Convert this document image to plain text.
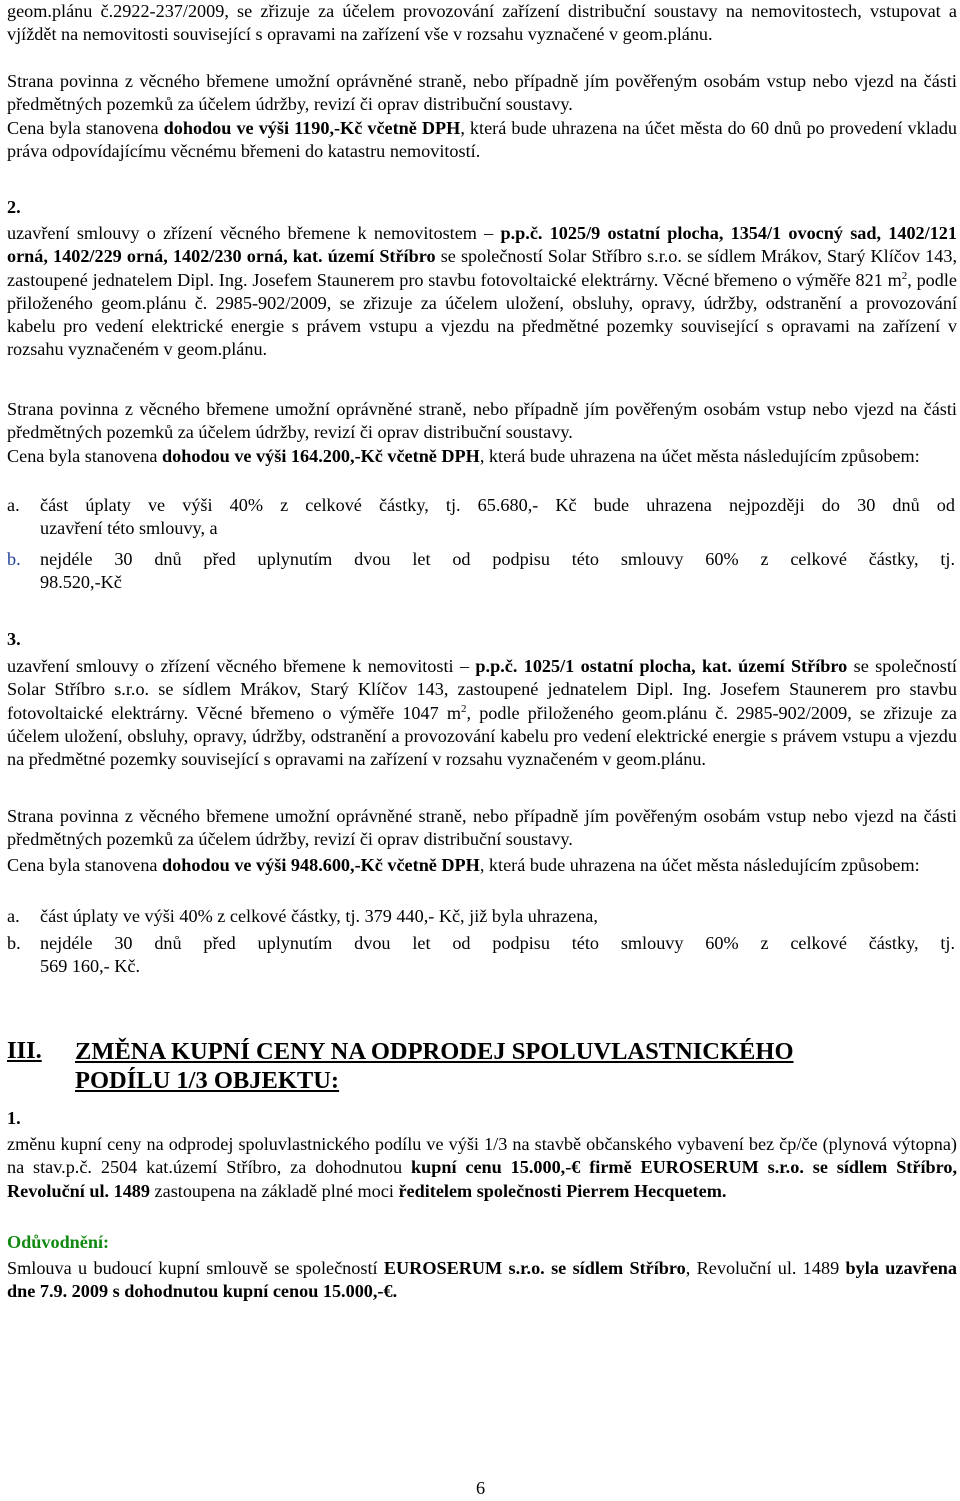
geom.plánu č.2922-237/2009, se zřizuje za účelem provozování zařízení distribuční soustavy na nemovitostech, vstupovat a vjíždět na nemovitosti související s opravami na zařízení vše v rozsahu vyznačené v geom.plánu.

Strana povinna z věcného břemene umožní oprávněné straně, nebo případně jím pověřeným osobám vstup nebo vjezd na části předmětných pozemků za účelem údržby, revizí či oprav distribuční soustavy.

Cena byla stanovena dohodou ve výši 1190,-Kč včetně DPH, která bude uhrazena na účet města do 60 dnů po provedení vkladu práva odpovídajícímu věcnému břemeni do katastru nemovitostí.

2.

uzavření smlouvy o zřízení věcného břemene k nemovitostem – p.p.č. 1025/9 ostatní plocha, 1354/1 ovocný sad, 1402/121 orná, 1402/229 orná, 1402/230 orná, kat. území Stříbro se společností Solar Stříbro s.r.o. se sídlem Mrákov, Starý Klíčov 143, zastoupené jednatelem Dipl. Ing. Josefem Staunerem pro stavbu fotovoltaické elektrárny. Věcné břemeno o výměře 821 $m^2$, podle přiloženého geom.plánu č. 2985-902/2009, se zřizuje za účelem uložení, obsluhy, opravy, údržby, odstranění a provozování kabelu pro vedení elektrické energie s právem vstupu a vjezdu na předmětné pozemky související s opravami na zařízení v rozsahu vyznačeném v geom.plánu.

Strana povinna z věcného břemene umožní oprávněné straně, nebo případně jím pověřeným osobám vstup nebo vjezd na části předmětných pozemků za účelem údržby, revizí či oprav distribuční soustavy.

Cena byla stanovena dohodou ve výši 164.200,-Kč včetně DPH, která bude uhrazena na účet města následujícím způsobem:

a. část úplaty ve výši 40% z celkové částky, tj. 65.680,- Kč bude uhrazena nejpozději do 30 dnů od
uzavření této smlouvy, a
b. nejdéle 30 dnů před uplynutím dvou let od podpisu této smlouvy 60% z celkové částky, tj.
98.520,-Kč

3.

uzavření smlouvy o zřízení věcného břemene k nemovitosti – p.p.č. 1025/1 ostatní plocha, kat. území Stříbro se společností Solar Stříbro s.r.o. se sídlem Mrákov, Starý Klíčov 143, zastoupené jednatelem Dipl. Ing. Josefem Staunerem pro stavbu fotovoltaické elektrárny. Věcné břemeno o výměře 1047 $m^2$, podle přiloženého geom.plánu č. 2985-902/2009, se zřizuje za účelem uložení, obsluhy, opravy, údržby, odstranění a provozování kabelu pro vedení elektrické energie s právem vstupu a vjezdu na předmětné pozemky související s opravami na zařízení v rozsahu vyznačeném v geom.plánu.

Strana povinna z věcného břemene umožní oprávněné straně, nebo případně jím pověřeným osobám vstup nebo vjezd na části předmětných pozemků za účelem údržby, revizí či oprav distribuční soustavy.

Cena byla stanovena dohodou ve výši 948.600,-Kč včetně DPH, která bude uhrazena na účet města následujícím způsobem:

a. část úplaty ve výši 40% z celkové částky, tj. 379 440,- Kč, již byla uhrazena,
b. nejdéle 30 dnů před uplynutím dvou let od podpisu této smlouvy 60% z celkové částky, tj.
569 160,- Kč.
III. ZMĚNA KUPNÍ CENY NA ODPRODEJ SPOLUVLASTNICKÉHO
PODÍLU 1/3 OBJEKTU:

1.

změnu kupní ceny na odprodej spoluvlastnického podílu ve výši 1/3 na stavbě občanského vybavení bez čp/če (plynová výtopna) na stav.p.č. 2504 kat.území Stříbro, za dohodnutou kupní cenu 15.000,-€ firmě EUROSERUM s.r.o. se sídlem Stříbro, Revoluční ul. 1489 zastoupena na základě plné moci ředitelem společnosti Pierrem Hecquetem.

Odůvodnění:

Smlouva u budoucí kupní smlouvě se společností EUROSERUM s.r.o. se sídlem Stříbro, Revoluční ul. 1489 byla uzavřena dne 7.9. 2009 s dohodnutou kupní cenou 15.000,-€.

6
